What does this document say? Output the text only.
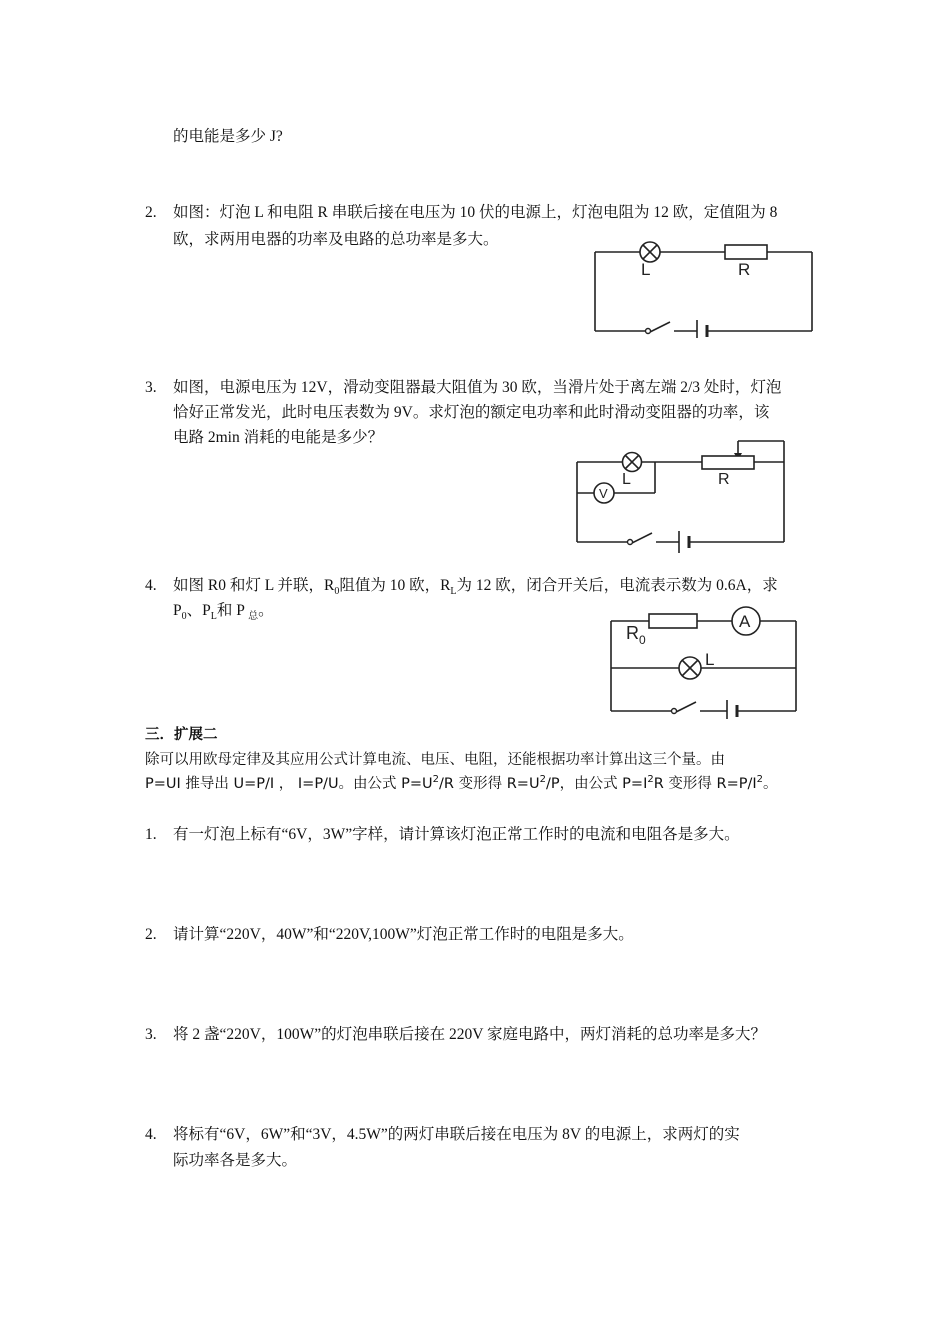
的电能是多少 J?
2. 如图：灯泡 L 和电阻 R 串联后接在电压为 10 伏的电源上，灯泡电阻为 12 欧，定值阻为 8
欧，求两用电器的功率及电路的总功率是多大。
L	R
3. 如图，电源电压为 12V，滑动变阻器最大阻值为 30 欧，当滑片处于离左端 2/3 处时，灯泡
恰好正常发光，此时电压表数为 9V。求灯泡的额定电功率和此时滑动变阻器的功率，该
电路 2min 消耗的电能是多少？
V
L	R
4. 如图 R0 和灯 L 并联，$R_0$阻值为 10 欧，$R_L$为 12 欧，闭合开关后，电流表示数为 0.6A，求
$P_0$、$P_L$和 P $_总$。
A
$R_0$
L
三．扩展二
除可以用欧母定律及其应用公式计算电流、电压、电阻，还能根据功率计算出这三个量。由
P=UI 推导出 U=P/I ， I=P/U。由公式 $P=U^2/R$ 变形得 $R=U^2/P$，由公式 $P=I^2R$ 变形得 $R=P/I^2$。
1. 有一灯泡上标有“6V，3W”字样，请计算该灯泡正常工作时的电流和电阻各是多大。
2. 请计算“220V，40W”和“220V,100W”灯泡正常工作时的电阻是多大。
3. 将 2 盏“220V，100W”的灯泡串联后接在 220V 家庭电路中，两灯消耗的总功率是多大？
4. 将标有“6V，6W”和“3V，4.5W”的两灯串联后接在电压为 8V 的电源上，求两灯的实
际功率各是多大。
